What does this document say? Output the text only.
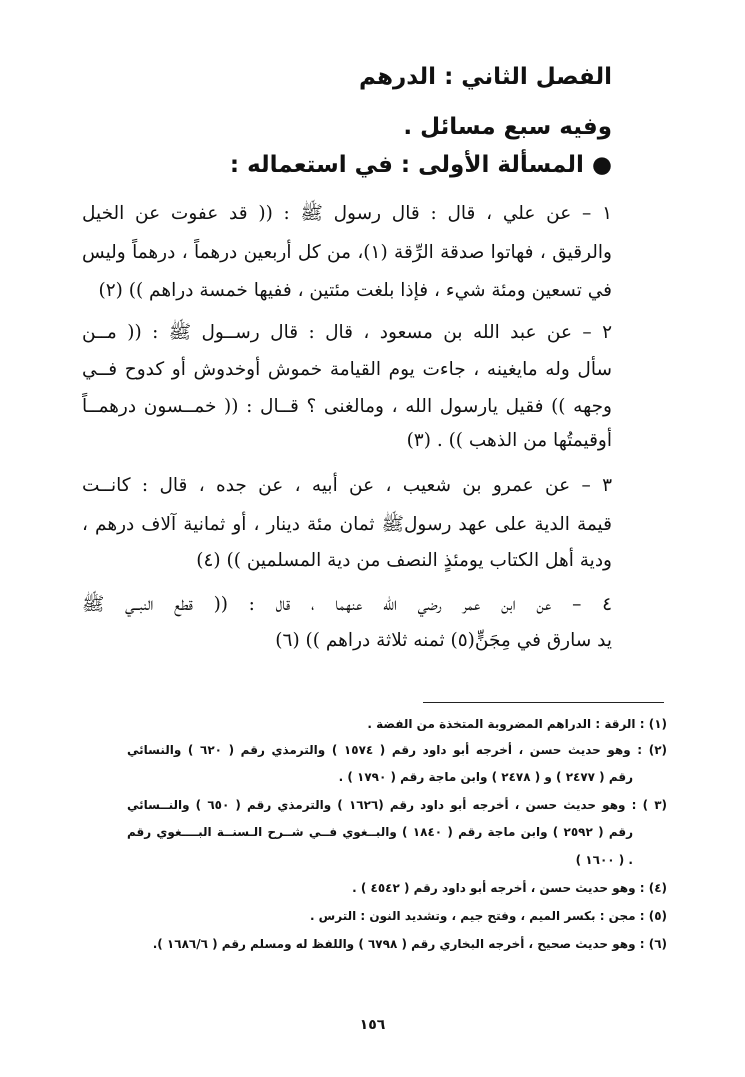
الفصل الثاني : الدرهم
وفيه سبع مسائل .
● المسألة الأولى : في استعماله :
١ – عن علي ، قال : قال رسول ﷺ : (( قد عفوت عن الخيل
والرقيق ، فهاتوا صدقة الرِّقة (١)، من كل أربعين درهماً ، درهماً وليس
في تسعين ومئة شيء ، فإذا بلغت مئتين ، ففيها خمسة دراهم )) (٢)
٢ – عن عبد الله بن مسعود ، قال : قال رســول ﷺ : (( مــن
سأل وله مايغينه ، جاءت يوم القيامة خموش أوخدوش أو كدوح فــي
وجهه )) فقيل يارسول الله ، ومالغنى ؟ قــال : (( خمــسون درهمــاً
أوقيمتُها من الذهب )) . (٣)
٣ – عن عمرو بن شعيب ، عن أبيه ، عن جده ، قال : كانــت
قيمة الدية على عهد رسولﷺ ثمان مئة دينار ، أو ثمانية آلاف درهم ،
ودية أهل الكتاب يومئذٍ النصف من دية المسلمين )) (٤)
٤ – عن ابن عمر رضي الله عنهما ، قال : (( قطع النبــي ﷺ
يد سارق في مِجَنٍّ(٥) ثمنه ثلاثة دراهم )) (٦)
(١) : الرقة : الدراهم المضروبة المتخذة من الفضة .
(٢) : وهو حديث حسن ، أخرجه أبو داود رقم ( ١٥٧٤ ) والترمذي رقم ( ٦٢٠ ) والنسائي
رقم ( ٢٤٧٧ ) و ( ٢٤٧٨ ) وابن ماجة رقم ( ١٧٩٠ ) .
(٣ ) : وهو حديث حسن ، أخرجه أبو داود رقم (١٦٢٦ ) والترمذي رقم ( ٦٥٠ ) والنــسائي
رقم ( ٢٥٩٢ ) وابن ماجة رقم ( ١٨٤٠ ) والبــغوي فــي شــرح الـسنــة البــــغوي رقم
( ١٦٠٠ ) .
(٤) : وهو حديث حسن ، أخرجه أبو داود رقم ( ٤٥٤٢ ) .
(٥) : مجن : بكسر الميم ، وفتح جيم ، وتشديد النون : الترس .
(٦) : وهو حديث صحيح ، أخرجه البخاري رقم ( ٦٧٩٨ ) واللفظ له ومسلم رقم ( ١٦٨٦/٦ ).
١٥٦
